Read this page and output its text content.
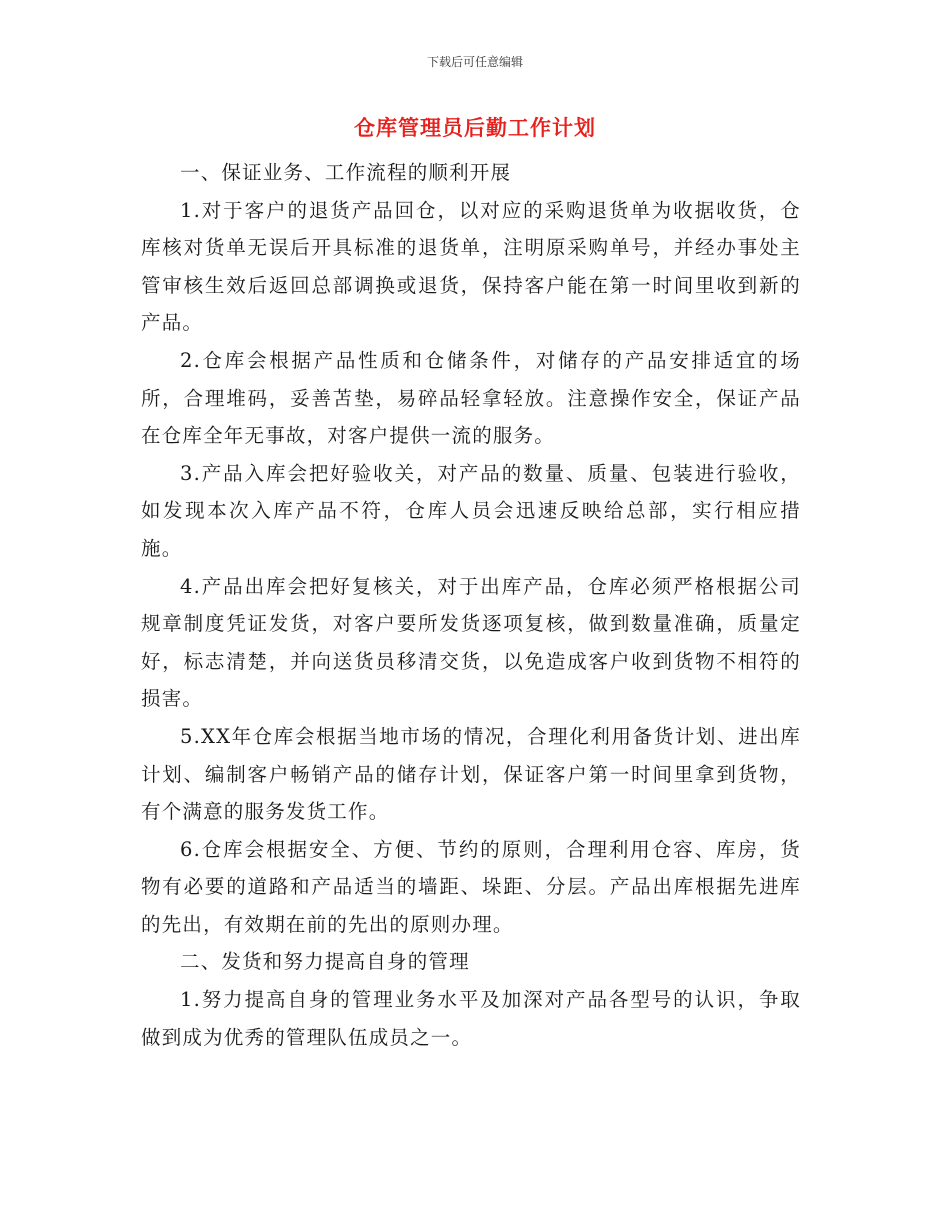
下载后可任意编辑
仓库管理员后勤工作计划

一、保证业务、工作流程的顺利开展

1.对于客户的退货产品回仓，以对应的采购退货单为收据收货，仓库核对货单无误后开具标准的退货单，注明原采购单号，并经办事处主管审核生效后返回总部调换或退货，保持客户能在第一时间里收到新的产品。

2.仓库会根据产品性质和仓储条件，对储存的产品安排适宜的场所，合理堆码，妥善苫垫，易碎品轻拿轻放。注意操作安全，保证产品在仓库全年无事故，对客户提供一流的服务。

3.产品入库会把好验收关，对产品的数量、质量、包装进行验收，如发现本次入库产品不符，仓库人员会迅速反映给总部，实行相应措施。

4.产品出库会把好复核关，对于出库产品，仓库必须严格根据公司规章制度凭证发货，对客户要所发货逐项复核，做到数量准确，质量定好，标志清楚，并向送货员移清交货，以免造成客户收到货物不相符的损害。

5.XX年仓库会根据当地市场的情况，合理化利用备货计划、进出库计划、编制客户畅销产品的储存计划，保证客户第一时间里拿到货物，有个满意的服务发货工作。

6.仓库会根据安全、方便、节约的原则，合理利用仓容、库房，货物有必要的道路和产品适当的墙距、垛距、分层。产品出库根据先进库的先出，有效期在前的先出的原则办理。

二、发货和努力提高自身的管理

1.努力提高自身的管理业务水平及加深对产品各型号的认识，争取做到成为优秀的管理队伍成员之一。
